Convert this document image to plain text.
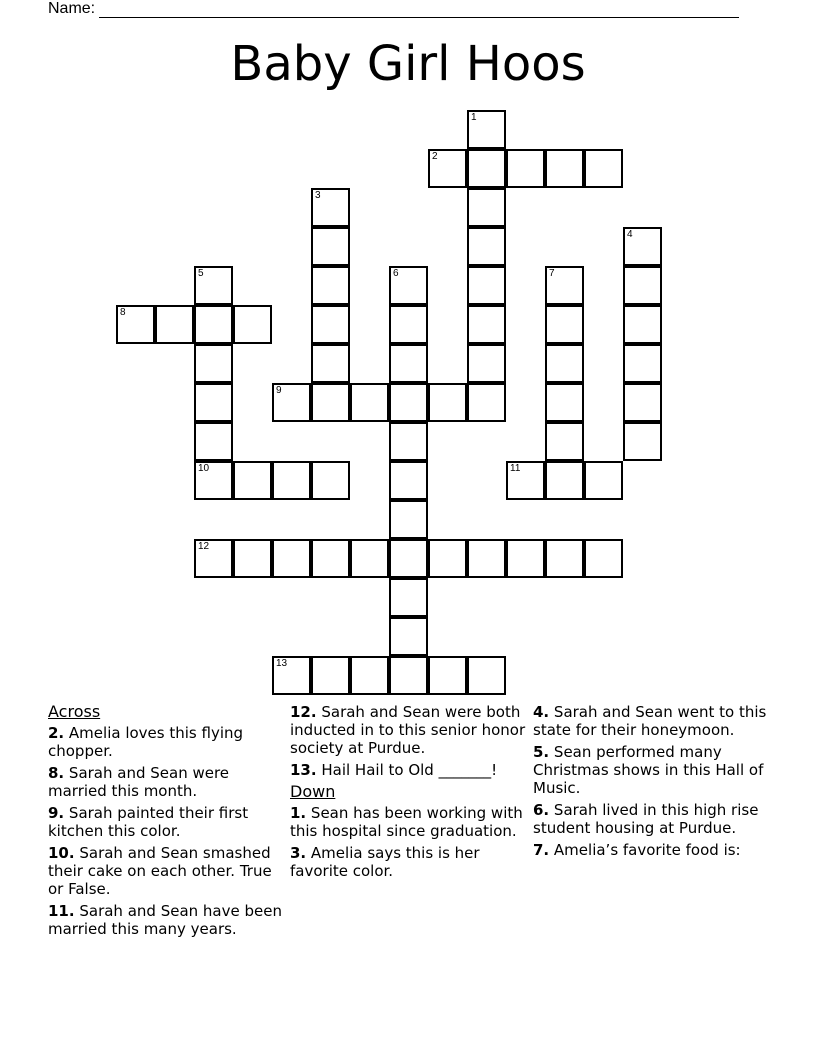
Name:
Baby Girl Hoos
1
2
3
4
5	6	7
8
9
10	11
12
13
Across
2. Amelia loves this flying chopper.
8. Sarah and Sean were married this month.
9. Sarah painted their first kitchen this color.
10. Sarah and Sean smashed their cake on each other. True or False.
11. Sarah and Sean have been married this many years.
12. Sarah and Sean were both inducted in to this senior honor society at Purdue.
13. Hail Hail to Old _______!
Down
1. Sean has been working with this hospital since graduation.
3. Amelia says this is her favorite color.
4. Sarah and Sean went to this state for their honeymoon.
5. Sean performed many Christmas shows in this Hall of Music.
6. Sarah lived in this high rise student housing at Purdue.
7. Amelia’s favorite food is:
